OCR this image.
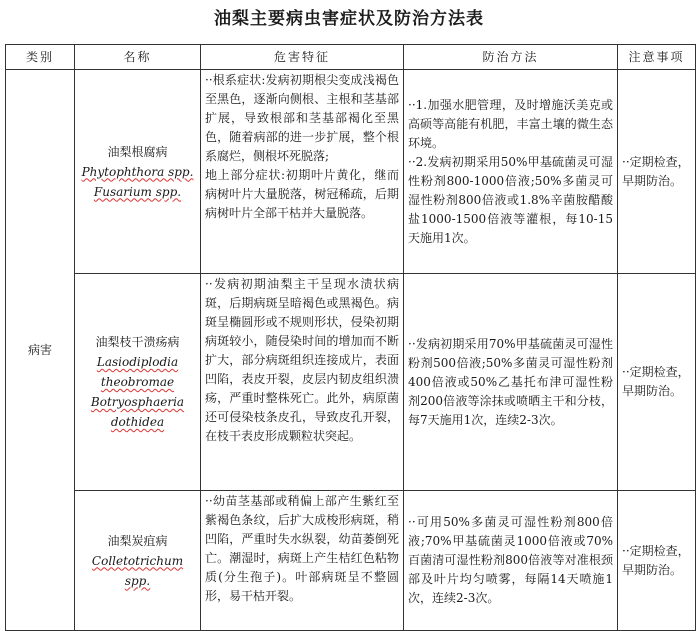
油梨主要病虫害症状及防治方法表
类别	名称	危害特征	防治方法	注意事项
病害	油梨根腐病
Phytophthora spp.
Fusarium spp.	··根系症状:发病初期根尖变成浅褐色至黑色，逐渐向侧根、主根和茎基部扩展，导致根部和茎基部褐化至黑色，随着病部的进一步扩展，整个根系腐烂，侧根坏死脱落;
地上部分症状:初期叶片黄化，继而病树叶片大量脱落，树冠稀疏，后期病树叶片全部干枯并大量脱落。	··1.加强水肥管理，及时增施沃美克或高硕等高能有机肥，丰富土壤的微生态环境。
··2.发病初期采用50%甲基硫菌灵可湿性粉剂800-1000倍液;50%多菌灵可湿性粉剂800倍液或1.8%辛菌胺醋酸盐1000-1500倍液等灌根，每10-15天施用1次。	··定期检查，早期防治。

	油梨枝干溃疡病
Lasiodiplodia
theobromae
Botryosphaeria
dothidea	··发病初期油梨主干呈现水渍状病斑，后期病斑呈暗褐色或黑褐色。病斑呈椭圆形或不规则形状，侵染初期病斑较小，随侵染时间的增加而不断扩大，部分病斑组织连接成片，表面凹陷，表皮开裂，皮层内韧皮组织溃疡，严重时整株死亡。此外，病原菌还可侵染枝条皮孔，导致皮孔开裂，在枝干表皮形成颗粒状突起。	··发病初期采用70%甲基硫菌灵可湿性粉剂500倍液;50%多菌灵可湿性粉剂400倍液或50%乙基托布津可湿性粉剂200倍液等涂抹或喷晒主干和分枝，每7天施用1次，连续2-3次。	··定期检查，早期防治。

	油梨炭疽病
Colletotrichum
spp.	··幼苗茎基部或稍偏上部产生紫红至紫褐色条纹，后扩大成梭形病斑，稍凹陷，严重时失水纵裂，幼苗萎倒死亡。潮湿时，病斑上产生桔红色粘物质(分生孢子)。叶部病斑呈不整圆形，易干枯开裂。	··可用50%多菌灵可湿性粉剂800倍液;70%甲基硫菌灵1000倍液或70%百菌清可湿性粉剂800倍液等对准根颈部及叶片均匀喷雾，每隔14天喷施1次，连续2-3次。	··定期检查，早期防治。
